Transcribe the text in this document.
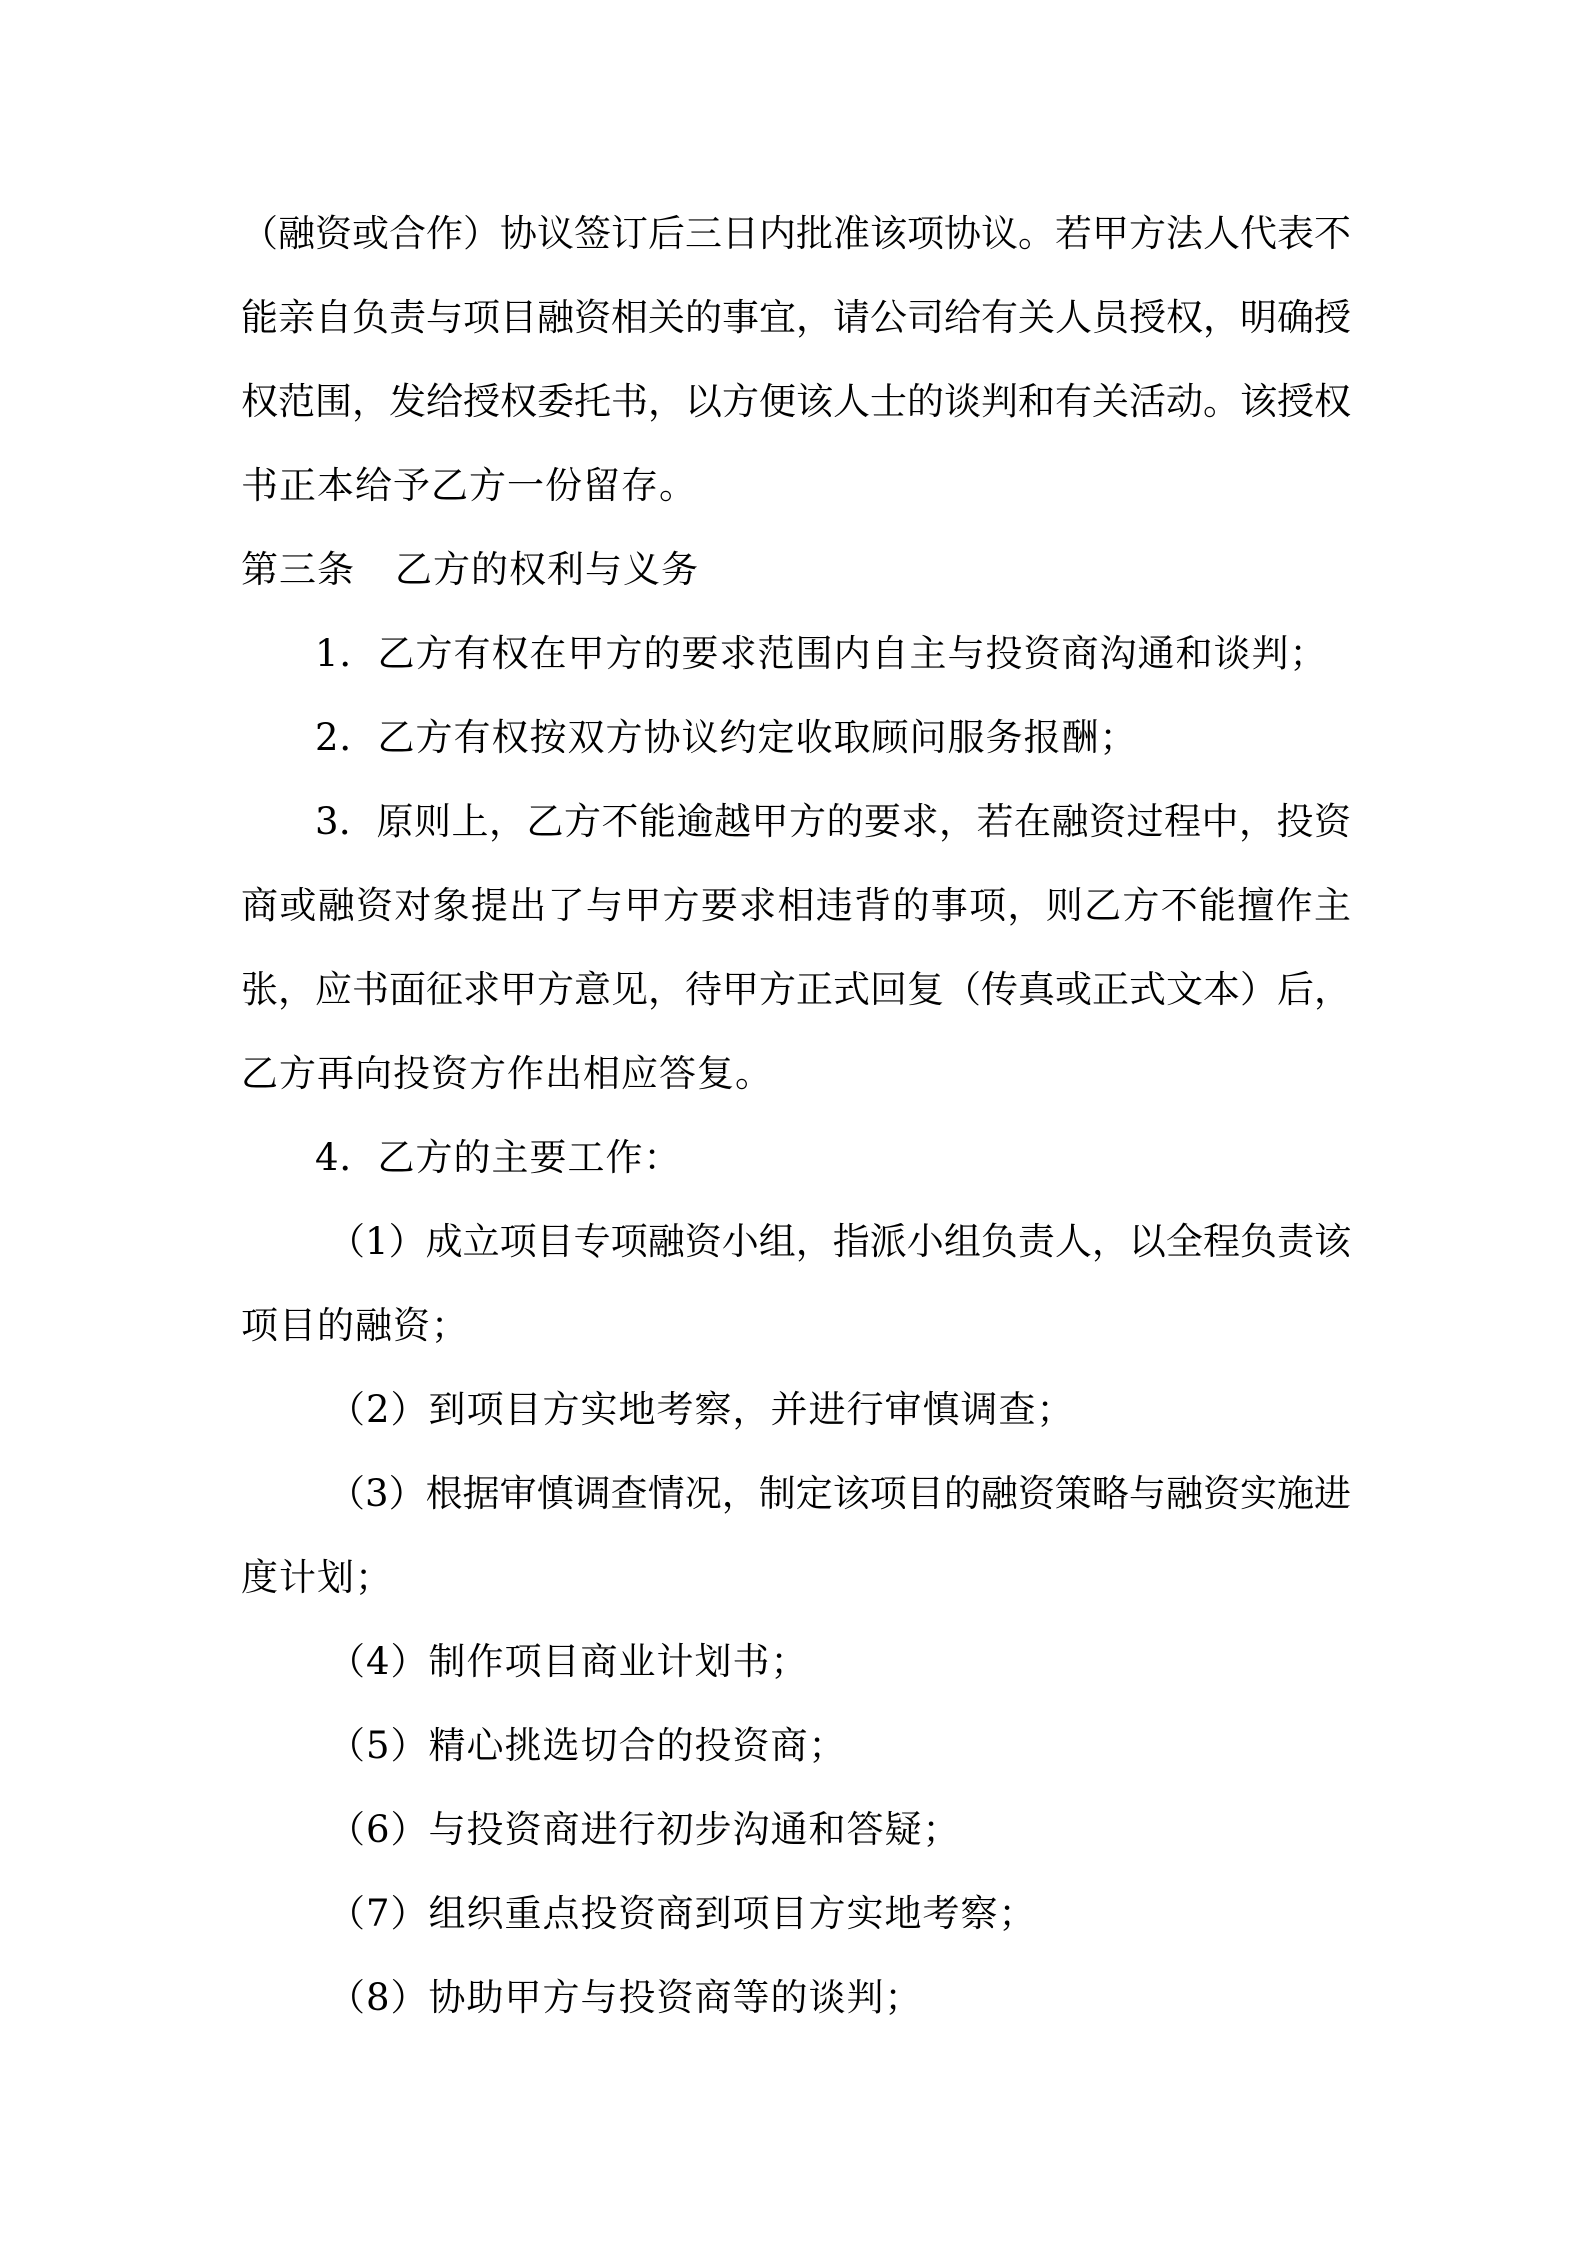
（融资或合作）协议签订后三日内批准该项协议。若甲方法人代表不
能亲自负责与项目融资相关的事宜，请公司给有关人员授权，明确授
权范围，发给授权委托书，以方便该人士的谈判和有关活动。该授权
书正本给予乙方一份留存。
第三条 乙方的权利与义务
1．乙方有权在甲方的要求范围内自主与投资商沟通和谈判；
2．乙方有权按双方协议约定收取顾问服务报酬；
3．原则上，乙方不能逾越甲方的要求，若在融资过程中，投资
商或融资对象提出了与甲方要求相违背的事项，则乙方不能擅作主
张，应书面征求甲方意见，待甲方正式回复（传真或正式文本）后，
乙方再向投资方作出相应答复。
4．乙方的主要工作：
（1）成立项目专项融资小组，指派小组负责人，以全程负责该
项目的融资；
（2）到项目方实地考察，并进行审慎调查；
（3）根据审慎调查情况，制定该项目的融资策略与融资实施进
度计划；
（4）制作项目商业计划书；
（5）精心挑选切合的投资商；
（6）与投资商进行初步沟通和答疑；
（7）组织重点投资商到项目方实地考察；
（8）协助甲方与投资商等的谈判；
